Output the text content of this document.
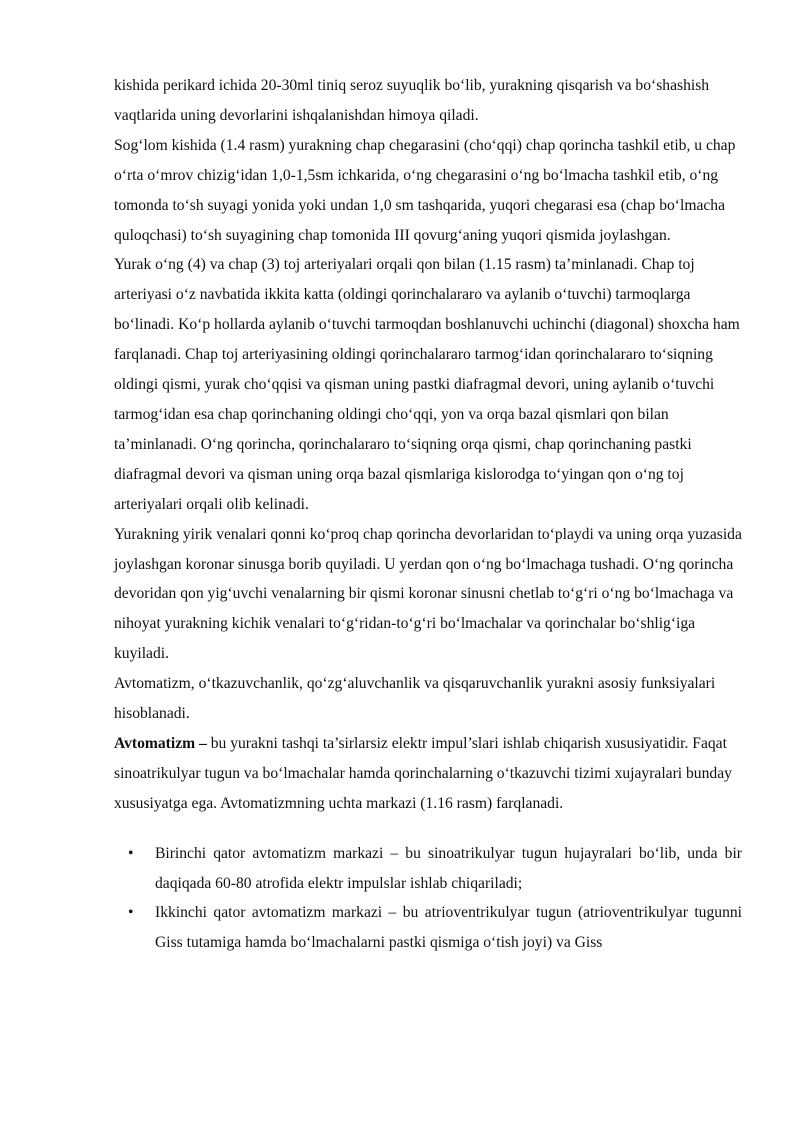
kishida perikard ichida 20-30ml tiniq seroz suyuqlik bo‘lib, yurakning qisqarish va bo‘shashish vaqtlarida uning devorlarini ishqalanishdan himoya qiladi.

Sog‘lom kishida (1.4 rasm) yurakning chap chegarasini (cho‘qqi) chap qorincha tashkil etib, u chap o‘rta o‘mrov chizig‘idan 1,0-1,5sm ichkarida, o‘ng chegarasini o‘ng bo‘lmacha tashkil etib, o‘ng tomonda to‘sh suyagi yonida yoki undan 1,0 sm tashqarida, yuqori chegarasi esa (chap bo‘lmacha quloqchasi) to‘sh suyagining chap tomonida III qovurg‘aning yuqori qismida joylashgan.

Yurak o‘ng (4) va chap (3) toj arteriyalari orqali qon bilan (1.15 rasm) ta’minlanadi. Chap toj arteriyasi o‘z navbatida ikkita katta (oldingi qorinchalararo va aylanib o‘tuvchi) tarmoqlarga bo‘linadi. Ko‘p hollarda aylanib o‘tuvchi tarmoqdan boshlanuvchi uchinchi (diagonal) shoxcha ham farqlanadi. Chap toj arteriyasining oldingi qorinchalararo tarmog‘idan qorinchalararo to‘siqning oldingi qismi, yurak cho‘qqisi va qisman uning pastki diafragmal devori, uning aylanib o‘tuvchi tarmog‘idan esa chap qorinchaning oldingi cho‘qqi, yon va orqa bazal qismlari qon bilan ta’minlanadi. O‘ng qorincha, qorinchalararo to‘siqning orqa qismi, chap qorinchaning pastki diafragmal devori va qisman uning orqa bazal qismlariga kislorodga to‘yingan qon o‘ng toj arteriyalari orqali olib kelinadi.

Yurakning yirik venalari qonni ko‘proq chap qorincha devorlaridan to‘playdi va uning orqa yuzasida joylashgan koronar sinusga borib quyiladi. U yerdan qon o‘ng bo‘lmachaga tushadi. O‘ng qorincha devoridan qon yig‘uvchi venalarning bir qismi koronar sinusni chetlab to‘g‘ri o‘ng bo‘lmachaga va nihoyat yurakning kichik venalari to‘g‘ridan-to‘g‘ri bo‘lmachalar va qorinchalar bo‘shlig‘iga kuyiladi.

Avtomatizm, o‘tkazuvchanlik, qo‘zg‘aluvchanlik va qisqaruvchanlik yurakni asosiy funksiyalari hisoblanadi.

Avtomatizm – bu yurakni tashqi ta’sirlarsiz elektr impul’slari ishlab chiqarish xususiyatidir. Faqat sinoatrikulyar tugun va bo‘lmachalar hamda qorinchalarning o‘tkazuvchi tizimi xujayralari bunday xususiyatga ega. Avtomatizmning uchta markazi (1.16 rasm) farqlanadi.

• Birinchi qator avtomatizm markazi – bu sinoatrikulyar tugun hujayralari bo‘lib, unda bir daqiqada 60-80 atrofida elektr impulslar ishlab chiqariladi;
• Ikkinchi qator avtomatizm markazi – bu atrioventrikulyar tugun (atrioventrikulyar tugunni Giss tutamiga hamda bo‘lmachalarni pastki qismiga o‘tish joyi) va Giss
